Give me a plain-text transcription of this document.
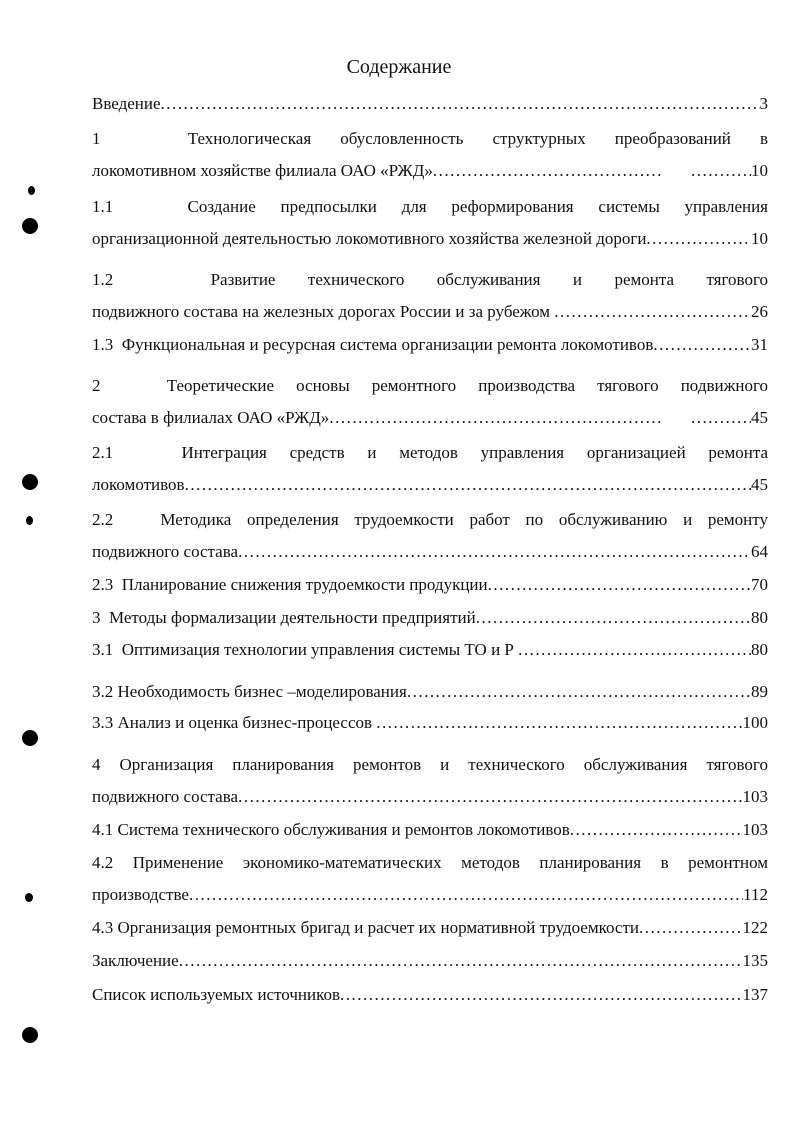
Содержание
Введение .....	3
1   Технологическая обусловленность структурных преобразований в
локомотивном хозяйстве филиала ОАО «РЖД» ..... .....	10
1.1   Создание предпосылки для реформирования системы управления
организационной деятельностью локомотивного хозяйства железной дороги .....	10
1.2   Развитие технического обслуживания и ремонта тягового
подвижного состава на железных дорогах России и за рубежом .....	26
1.3  Функциональная и ресурсная система организации ремонта локомотивов .....	31
2   Теоретические основы ремонтного производства тягового подвижного
состава в филиалах ОАО «РЖД» ..... .....	45
2.1   Интеграция средств и методов управления организацией ремонта
локомотивов .....	45
2.2   Методика определения трудоемкости работ по обслуживанию и ремонту
подвижного состава .....	64
2.3  Планирование снижения трудоемкости продукции .....	70
3  Методы формализации деятельности предприятий .....	80
3.1  Оптимизация технологии управления системы ТО и Р .....	80
3.2 Необходимость бизнес –моделирования .....	89
3.3 Анализ и оценка бизнес-процессов .....	100
4 Организация планирования ремонтов и технического обслуживания тягового
подвижного состава .....	103
4.1 Система технического обслуживания и ремонтов локомотивов .....	103
4.2 Применение экономико-математических методов планирования в ремонтном
производстве .....	112
4.3 Организация ремонтных бригад и расчет их нормативной трудоемкости .....	122
Заключение .....	135
Список используемых источников .....	137
